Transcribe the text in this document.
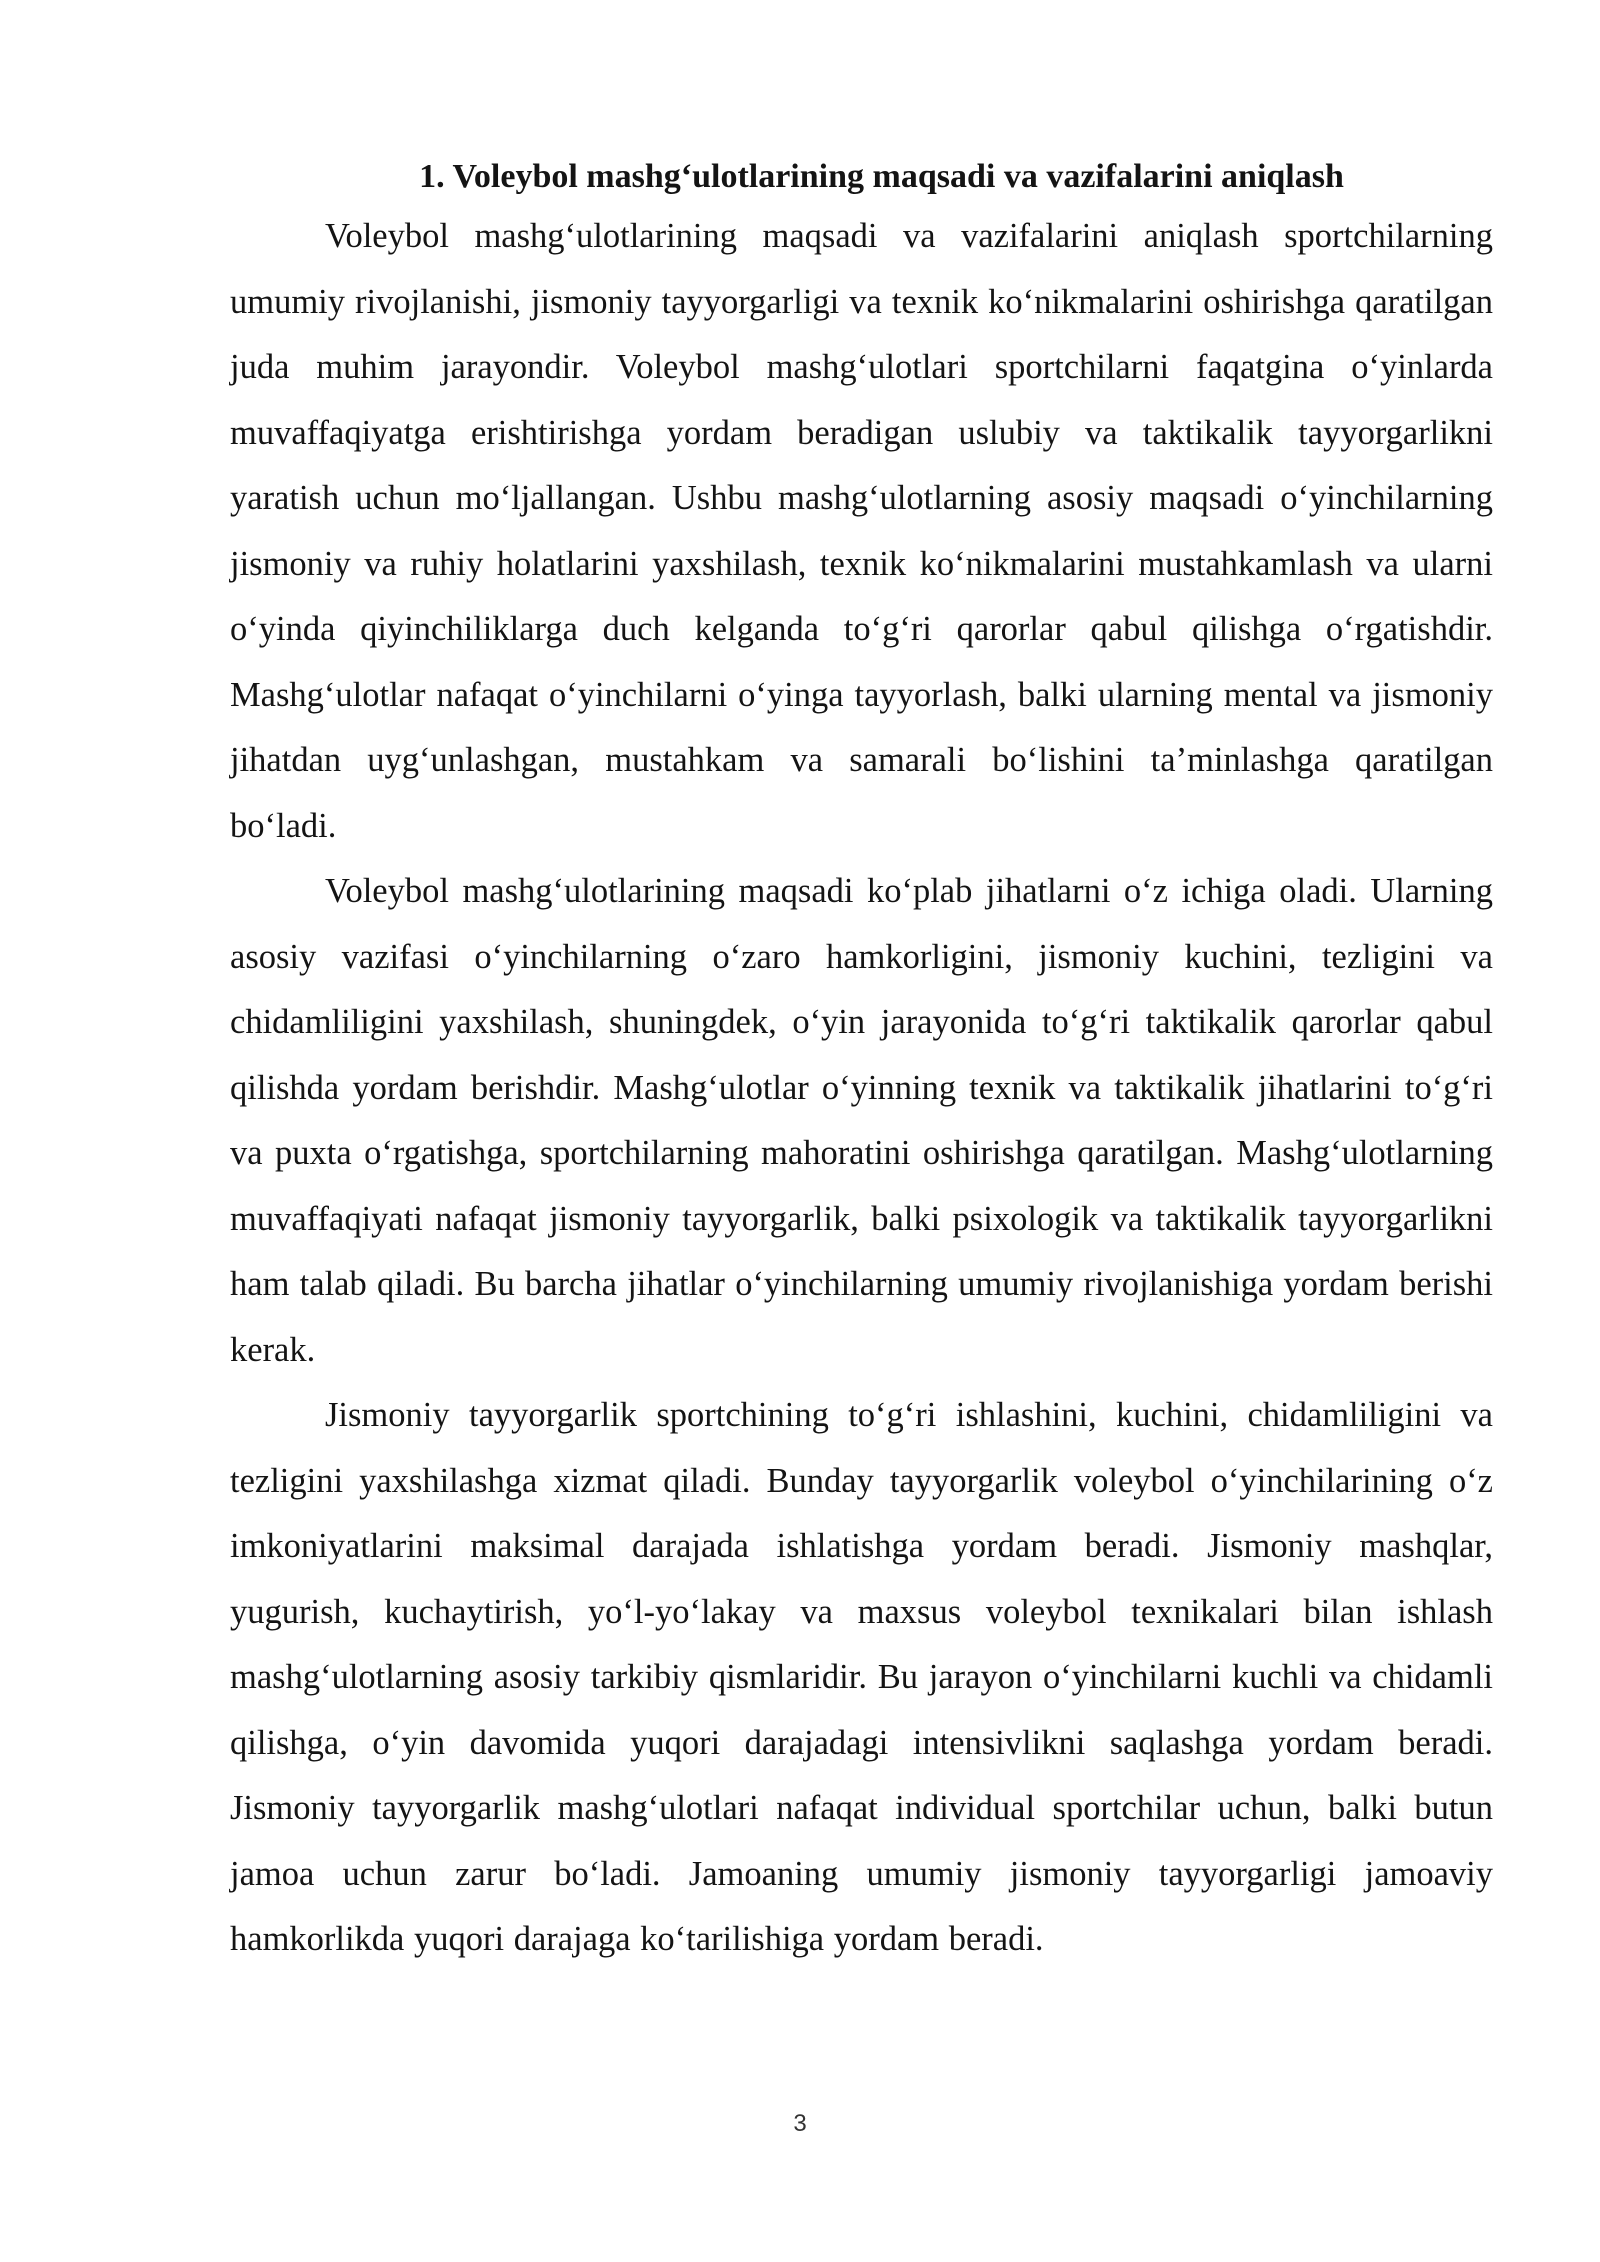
1. Voleybol mashg‘ulotlarining maqsadi va vazifalarini aniqlash

Voleybol mashg‘ulotlarining maqsadi va vazifalarini aniqlash sportchilarning umumiy rivojlanishi, jismoniy tayyorgarligi va texnik ko‘nikmalarini oshirishga qaratilgan juda muhim jarayondir. Voleybol mashg‘ulotlari sportchilarni faqatgina o‘yinlarda muvaffaqiyatga erishtirishga yordam beradigan uslubiy va taktikalik tayyorgarlikni yaratish uchun mo‘ljallangan. Ushbu mashg‘ulotlarning asosiy maqsadi o‘yinchilarning jismoniy va ruhiy holatlarini yaxshilash, texnik ko‘nikmalarini mustahkamlash va ularni o‘yinda qiyinchiliklarga duch kelganda to‘g‘ri qarorlar qabul qilishga o‘rgatishdir. Mashg‘ulotlar nafaqat o‘yinchilarni o‘yinga tayyorlash, balki ularning mental va jismoniy jihatdan uyg‘unlashgan, mustahkam va samarali bo‘lishini ta’minlashga qaratilgan bo‘ladi.

Voleybol mashg‘ulotlarining maqsadi ko‘plab jihatlarni o‘z ichiga oladi. Ularning asosiy vazifasi o‘yinchilarning o‘zaro hamkorligini, jismoniy kuchini, tezligini va chidamliligini yaxshilash, shuningdek, o‘yin jarayonida to‘g‘ri taktikalik qarorlar qabul qilishda yordam berishdir. Mashg‘ulotlar o‘yinning texnik va taktikalik jihatlarini to‘g‘ri va puxta o‘rgatishga, sportchilarning mahoratini oshirishga qaratilgan. Mashg‘ulotlarning muvaffaqiyati nafaqat jismoniy tayyorgarlik, balki psixologik va taktikalik tayyorgarlikni ham talab qiladi. Bu barcha jihatlar o‘yinchilarning umumiy rivojlanishiga yordam berishi kerak.

Jismoniy tayyorgarlik sportchining to‘g‘ri ishlashini, kuchini, chidamliligini va tezligini yaxshilashga xizmat qiladi. Bunday tayyorgarlik voleybol o‘yinchilarining o‘z imkoniyatlarini maksimal darajada ishlatishga yordam beradi. Jismoniy mashqlar, yugurish, kuchaytirish, yo‘l-yo‘lakay va maxsus voleybol texnikalari bilan ishlash mashg‘ulotlarning asosiy tarkibiy qismlaridir. Bu jarayon o‘yinchilarni kuchli va chidamli qilishga, o‘yin davomida yuqori darajadagi intensivlikni saqlashga yordam beradi. Jismoniy tayyorgarlik mashg‘ulotlari nafaqat individual sportchilar uchun, balki butun jamoa uchun zarur bo‘ladi. Jamoaning umumiy jismoniy tayyorgarligi jamoaviy hamkorlikda yuqori darajaga ko‘tarilishiga yordam beradi.

3
